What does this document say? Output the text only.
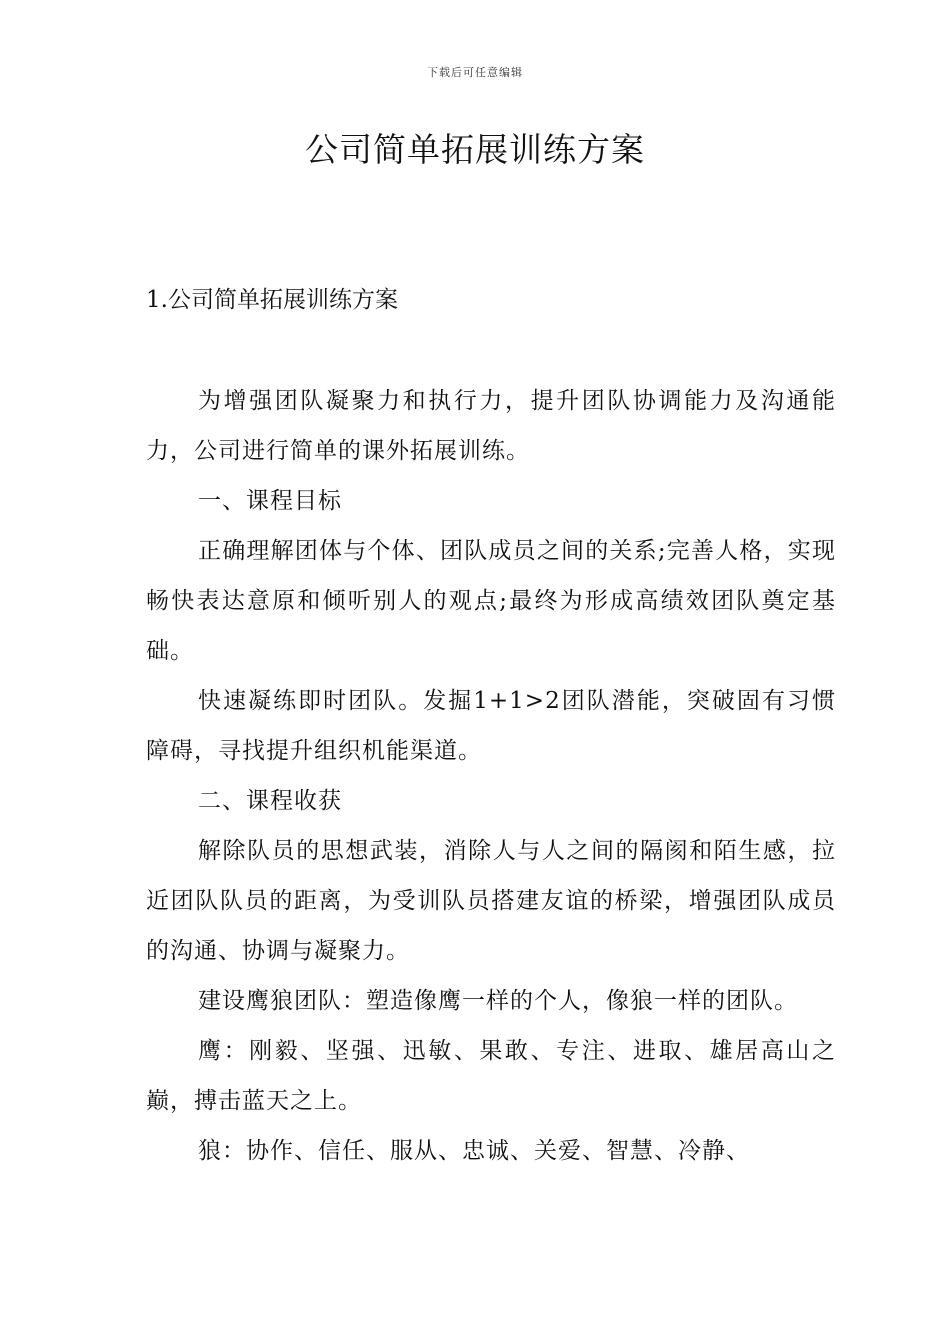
下载后可任意编辑
公司简单拓展训练方案
1.公司简单拓展训练方案

为增强团队凝聚力和执行力，提升团队协调能力及沟通能力，公司进行简单的课外拓展训练。

一、课程目标

正确理解团体与个体、团队成员之间的关系;完善人格，实现畅快表达意原和倾听别人的观点;最终为形成高绩效团队奠定基础。

快速凝练即时团队。发掘1+1>2团队潜能，突破固有习惯障碍，寻找提升组织机能渠道。

二、课程收获

解除队员的思想武装，消除人与人之间的隔阂和陌生感，拉近团队队员的距离，为受训队员搭建友谊的桥梁，增强团队成员的沟通、协调与凝聚力。

建设鹰狼团队：塑造像鹰一样的个人，像狼一样的团队。

鹰：刚毅、坚强、迅敏、果敢、专注、进取、雄居高山之巅，搏击蓝天之上。

狼：协作、信任、服从、忠诚、关爱、智慧、冷静、
